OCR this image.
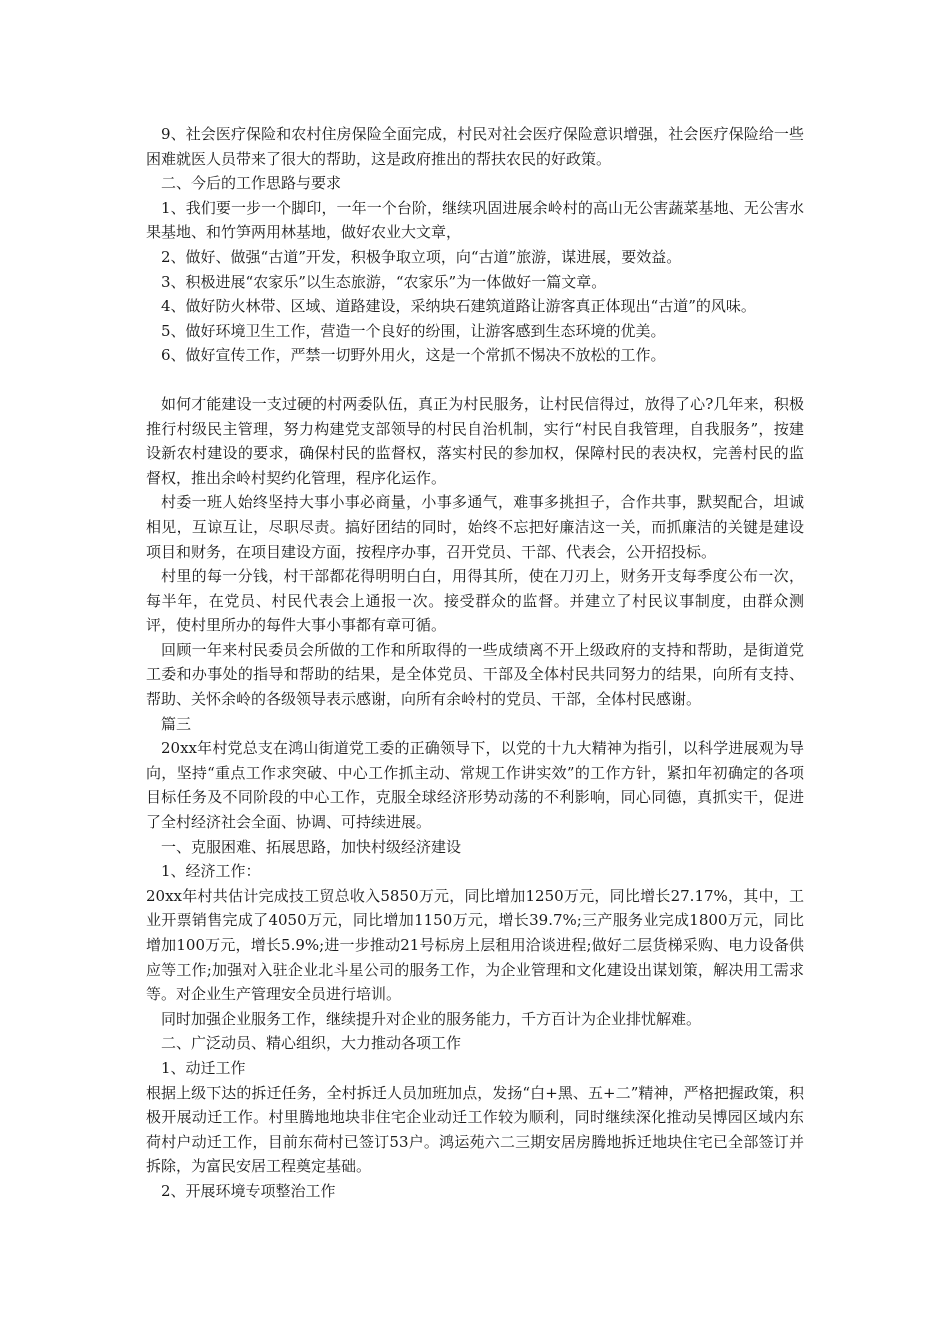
9、社会医疗保险和农村住房保险全面完成，村民对社会医疗保险意识增强，社会医疗保险给一些困难就医人员带来了很大的帮助，这是政府推出的帮扶农民的好政策。

二、今后的工作思路与要求

1、我们要一步一个脚印，一年一个台阶，继续巩固进展余岭村的高山无公害蔬菜基地、无公害水果基地、和竹笋两用林基地，做好农业大文章，

2、做好、做强“古道”开发，积极争取立项，向“古道”旅游，谋进展，要效益。

3、积极进展“农家乐”以生态旅游，“农家乐”为一体做好一篇文章。

4、做好防火林带、区域、道路建设，采纳块石建筑道路让游客真正体现出“古道”的风味。

5、做好环境卫生工作，营造一个良好的纷围，让游客感到生态环境的优美。

6、做好宣传工作，严禁一切野外用火，这是一个常抓不惕决不放松的工作。

如何才能建设一支过硬的村两委队伍，真正为村民服务，让村民信得过，放得了心?几年来，积极推行村级民主管理，努力构建党支部领导的村民自治机制，实行“村民自我管理，自我服务”，按建设新农村建设的要求，确保村民的监督权，落实村民的参加权，保障村民的表决权，完善村民的监督权，推出余岭村契约化管理，程序化运作。

村委一班人始终坚持大事小事必商量，小事多通气，难事多挑担子，合作共事，默契配合，坦诚相见，互谅互让，尽职尽责。搞好团结的同时，始终不忘把好廉洁这一关，而抓廉洁的关键是建设项目和财务，在项目建设方面，按程序办事，召开党员、干部、代表会，公开招投标。

村里的每一分钱，村干部都花得明明白白，用得其所，使在刀刃上，财务开支每季度公布一次，每半年，在党员、村民代表会上通报一次。接受群众的监督。并建立了村民议事制度，由群众测评，使村里所办的每件大事小事都有章可循。

回顾一年来村民委员会所做的工作和所取得的一些成绩离不开上级政府的支持和帮助，是街道党工委和办事处的指导和帮助的结果，是全体党员、干部及全体村民共同努力的结果，向所有支持、帮助、关怀余岭的各级领导表示感谢，向所有余岭村的党员、干部，全体村民感谢。

篇三

20xx年村党总支在鸿山街道党工委的正确领导下，以党的十九大精神为指引，以科学进展观为导向，坚持“重点工作求突破、中心工作抓主动、常规工作讲实效”的工作方针，紧扣年初确定的各项目标任务及不同阶段的中心工作，克服全球经济形势动荡的不利影响，同心同德，真抓实干，促进了全村经济社会全面、协调、可持续进展。

一、克服困难、拓展思路，加快村级经济建设

1、经济工作：

20xx年村共估计完成技工贸总收入5850万元，同比增加1250万元，同比增长27.17%，其中，工业开票销售完成了4050万元，同比增加1150万元，增长39.7%;三产服务业完成1800万元，同比增加100万元，增长5.9%;进一步推动21号标房上层租用洽谈进程;做好二层货梯采购、电力设备供应等工作;加强对入驻企业北斗星公司的服务工作，为企业管理和文化建设出谋划策，解决用工需求等。对企业生产管理安全员进行培训。

同时加强企业服务工作，继续提升对企业的服务能力，千方百计为企业排忧解难。

二、广泛动员、精心组织，大力推动各项工作

1、动迁工作

根据上级下达的拆迁任务，全村拆迁人员加班加点，发扬“白+黑、五+二”精神，严格把握政策，积极开展动迁工作。村里腾地地块非住宅企业动迁工作较为顺利，同时继续深化推动吴博园区域内东荷村户动迁工作，目前东荷村已签订53户。鸿运苑六二三期安居房腾地拆迁地块住宅已全部签订并拆除，为富民安居工程奠定基础。

2、开展环境专项整治工作
